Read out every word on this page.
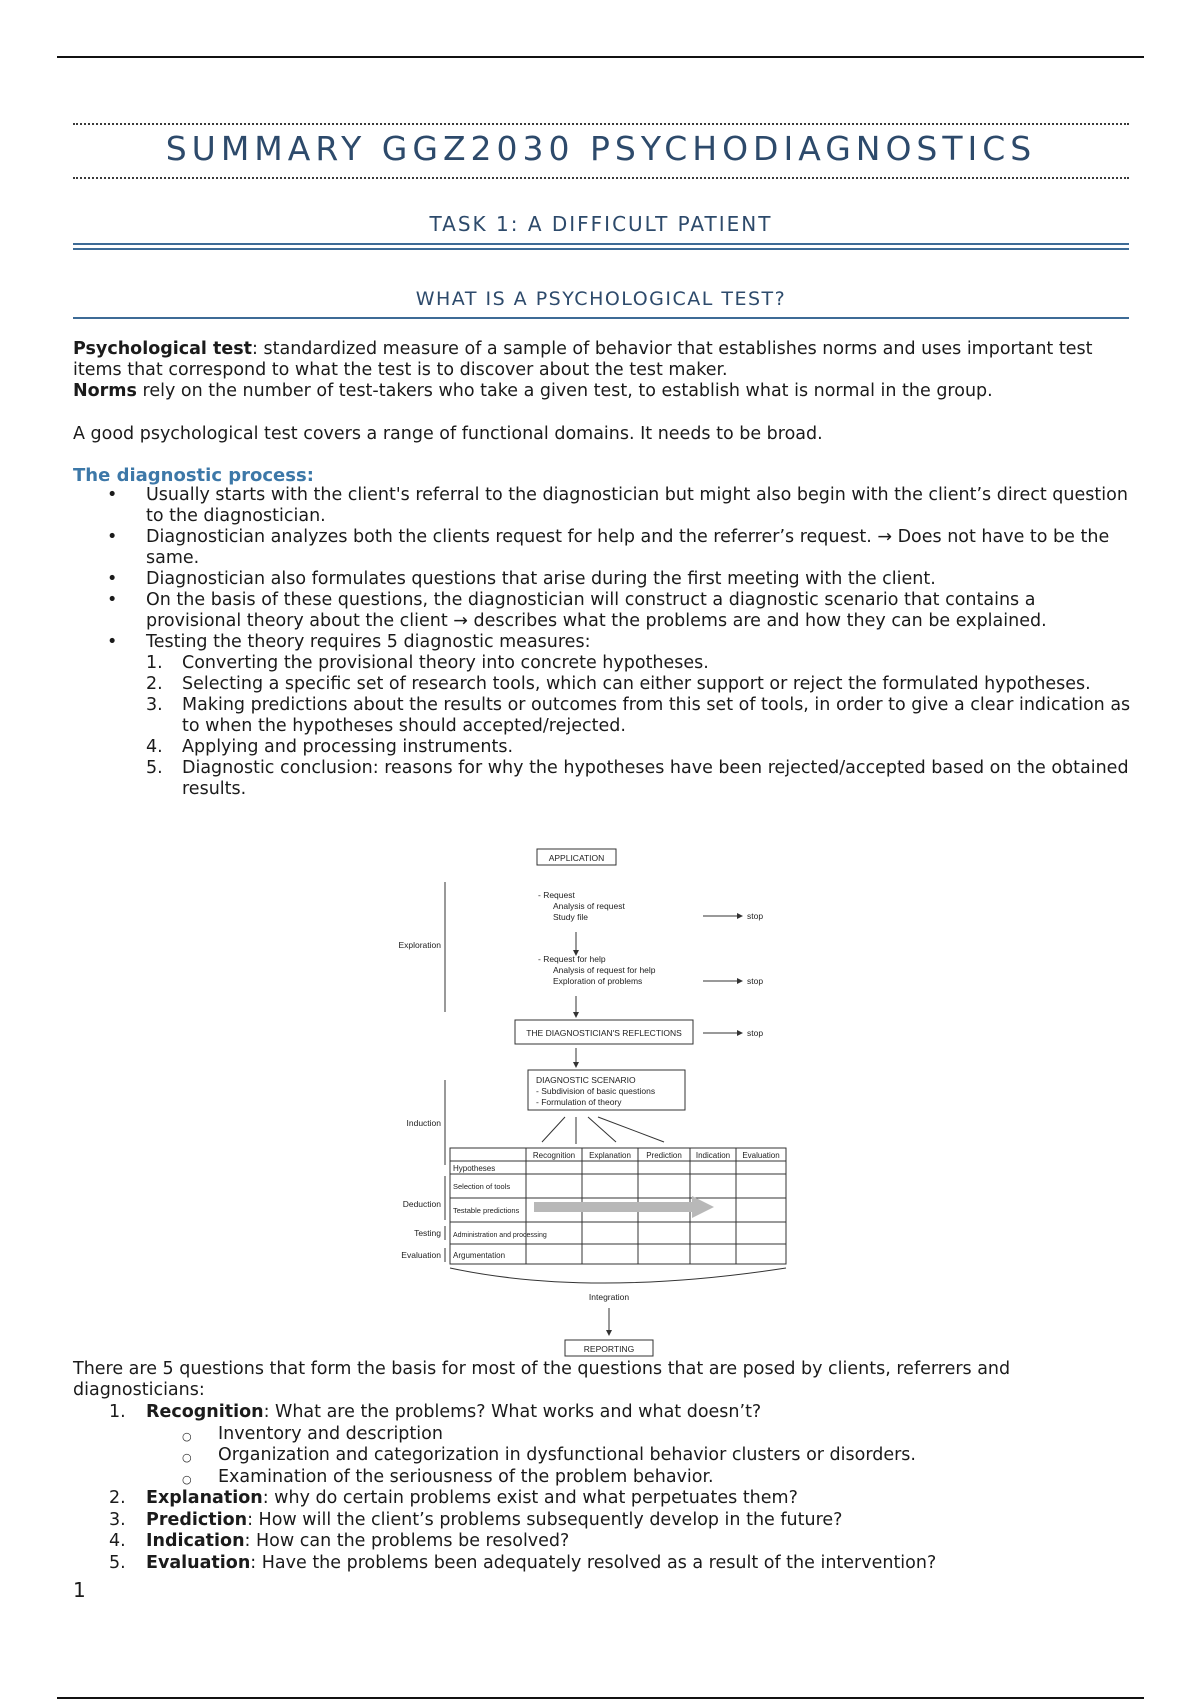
SUMMARY GGZ2030 PSYCHODIAGNOSTICS
TASK 1: A DIFFICULT PATIENT
WHAT IS A PSYCHOLOGICAL TEST?

Psychological test: standardized measure of a sample of behavior that establishes norms and uses important test items that correspond to what the test is to discover about the test maker.

Norms rely on the number of test-takers who take a given test, to establish what is normal in the group.

A good psychological test covers a range of functional domains. It needs to be broad.

The diagnostic process:

• Usually starts with the client's referral to the diagnostician but might also begin with the client’s direct question to the diagnostician.
• Diagnostician analyzes both the clients request for help and the referrer’s request. → Does not have to be the same.
• Diagnostician also formulates questions that arise during the first meeting with the client.
• On the basis of these questions, the diagnostician will construct a diagnostic scenario that contains a provisional theory about the client → describes what the problems are and how they can be explained.
• Testing the theory requires 5 diagnostic measures:
1. Converting the provisional theory into concrete hypotheses.
2. Selecting a specific set of research tools, which can either support or reject the formulated hypotheses.
3. Making predictions about the results or outcomes from this set of tools, in order to give a clear indication as to when the hypotheses should accepted/rejected.
4. Applying and processing instruments.
5. Diagnostic conclusion: reasons for why the hypotheses have been rejected/accepted based on the obtained results.
APPLICATION
Exploration
- Request
Analysis of request
Study file	stop
- Request for help
Analysis of request for help
Exploration of problems	stop
THE DIAGNOSTICIAN'S REFLECTIONS	stop
DIAGNOSTIC SCENARIO
- Subdivision of basic questions
- Formulation of theory
Induction
Recognition Explanation Prediction Indication Evaluation
Hypotheses
Selection of tools
Testable predictions
Administration and processing
Argumentation
Deduction
Testing
Evaluation
Integration
REPORTING

There are 5 questions that form the basis for most of the questions that are posed by clients, referrers and diagnosticians:

1. Recognition: What are the problems? What works and what doesn’t?
○ Inventory and description
○ Organization and categorization in dysfunctional behavior clusters or disorders.
○ Examination of the seriousness of the problem behavior.
2. Explanation: why do certain problems exist and what perpetuates them?
3. Prediction: How will the client’s problems subsequently develop in the future?
4. Indication: How can the problems be resolved?
5. Evaluation: Have the problems been adequately resolved as a result of the intervention?
1
